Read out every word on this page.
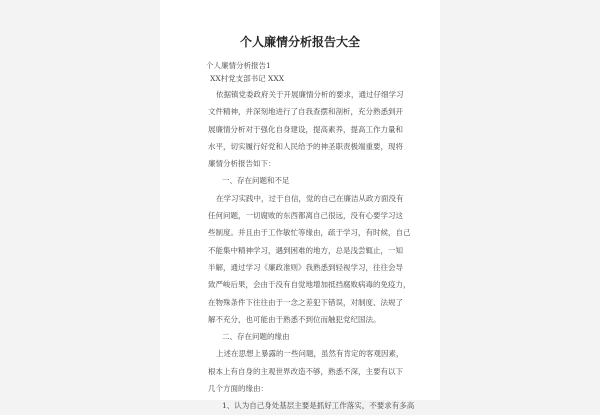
个人廉情分析报告大全
个人廉情分析报告1
XX村党支部书记 XXX

依据镇党委政府关于开展廉情分析的要求，通过仔细学习

文件精神，并深刻地进行了自我查摆和剖析，充分熟悉到开

展廉情分析对于强化自身建设，提高素养，提高工作力量和

水平，切实履行好党和人民给予的神圣职责极端重要，现将

廉情分析报告如下：

一、存在问题和不足

在学习实践中，过于自信，觉的自己在廉洁从政方面没有

任何问题，一切腐败的东西都离自己很远，没有心要学习这

些制度。并且由于工作敏忙等缘由，疏于学习，有时候，自己

不能集中精神学习，遇到困难的地方，总是浅尝辄止，一知

半解，通过学习《廉政准则》我熟悉到轻视学习，往往会导

致严峻后果，会由于没有自觉地增加抵挡腐败病毒的免疫力，

在物殊条件下往往由于一念之差犯下错误，对制度、法规了

解不充分，也可能由于熟悉不到位而触犯党纪国法。

二、存在问题的缘由

上述在思想上暴露的一些问题，虽然有肯定的客观因素，

根本上有自身的主观世界改造不够，熟悉不深，主要有以下

几个方面的缘由：

1、认为自己身处基层主要是抓好工作落实，不要求有多高
